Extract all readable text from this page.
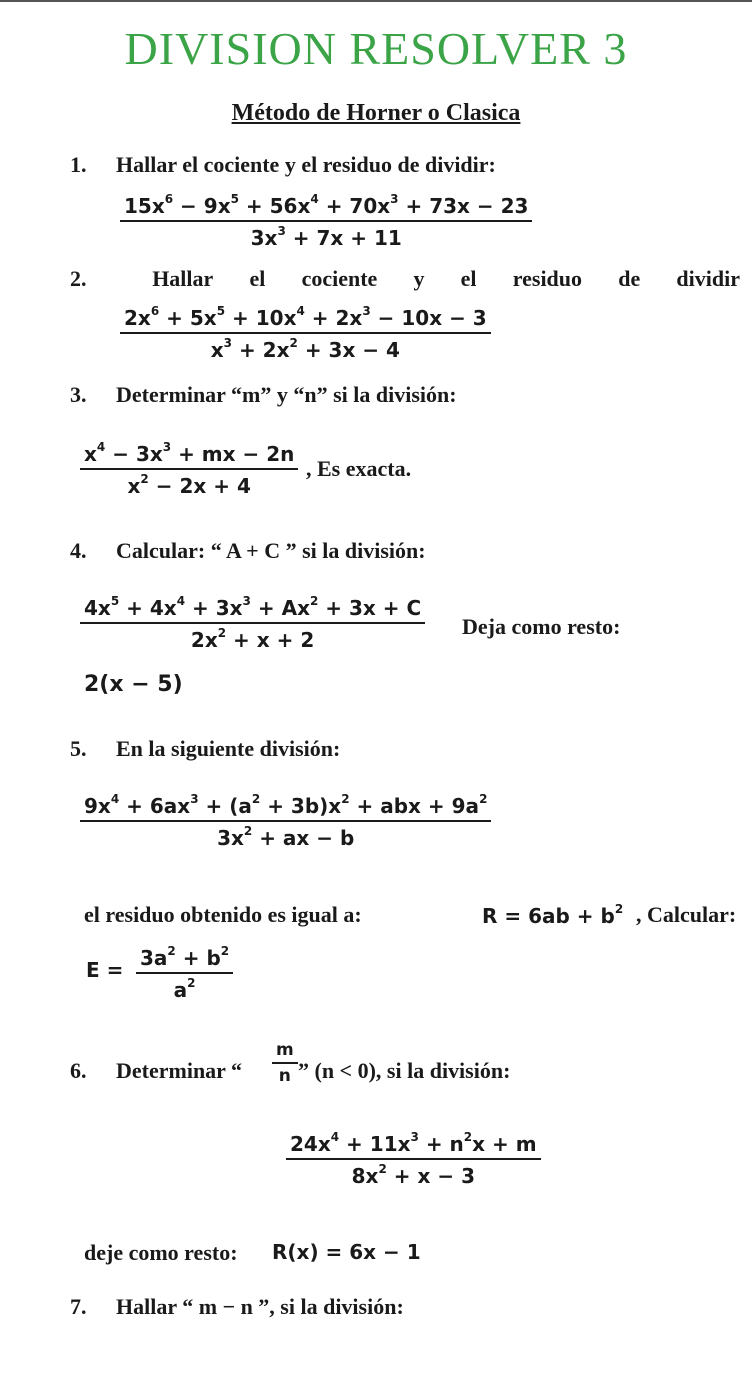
DIVISION RESOLVER 3
Método de Horner o Clasica
1. Hallar el cociente y el residuo de dividir:
$15x^6 - 9x^5 + 56x^4 + 70x^3 + 73x - 23$
$3x^3 + 7x + 11$
2.	Hallar el cociente y el residuo de dividir
$2x^6 + 5x^5 + 10x^4 + 2x^3 - 10x - 3$
$x^3 + 2x^2 + 3x - 4$
3. Determinar “m” y “n” si la división:
$x^4 - 3x^3$ + mx − 2n
$x^2 - 2x + 4$
, Es exacta.
4. Calcular: “ A + C ” si la división:
$4x^5 + 4x^4 + 3x^3 + Ax^2 + 3x + C$
$2x^2 + x + 2$
Deja como resto:
2(x − 5)
5. En la siguiente división:
$9x^4 + 6ax^3 + (a^2 + 3b)x^2$ + abx + $9a^2$
$3x^2$ + ax − b
el residuo obtenido es igual a:	$R = 6ab + b^2$ , Calcular:
$E = 3a^2 + b^2$
$a^2$
6. Determinar “
m
n ” (n < 0), si la división:
$24x^4 + 11x^3 + n^2x + m$
$8x^2 + x - 3$
deje como resto: R(x) = 6x − 1
7. Hallar “ m − n ”, si la división:
